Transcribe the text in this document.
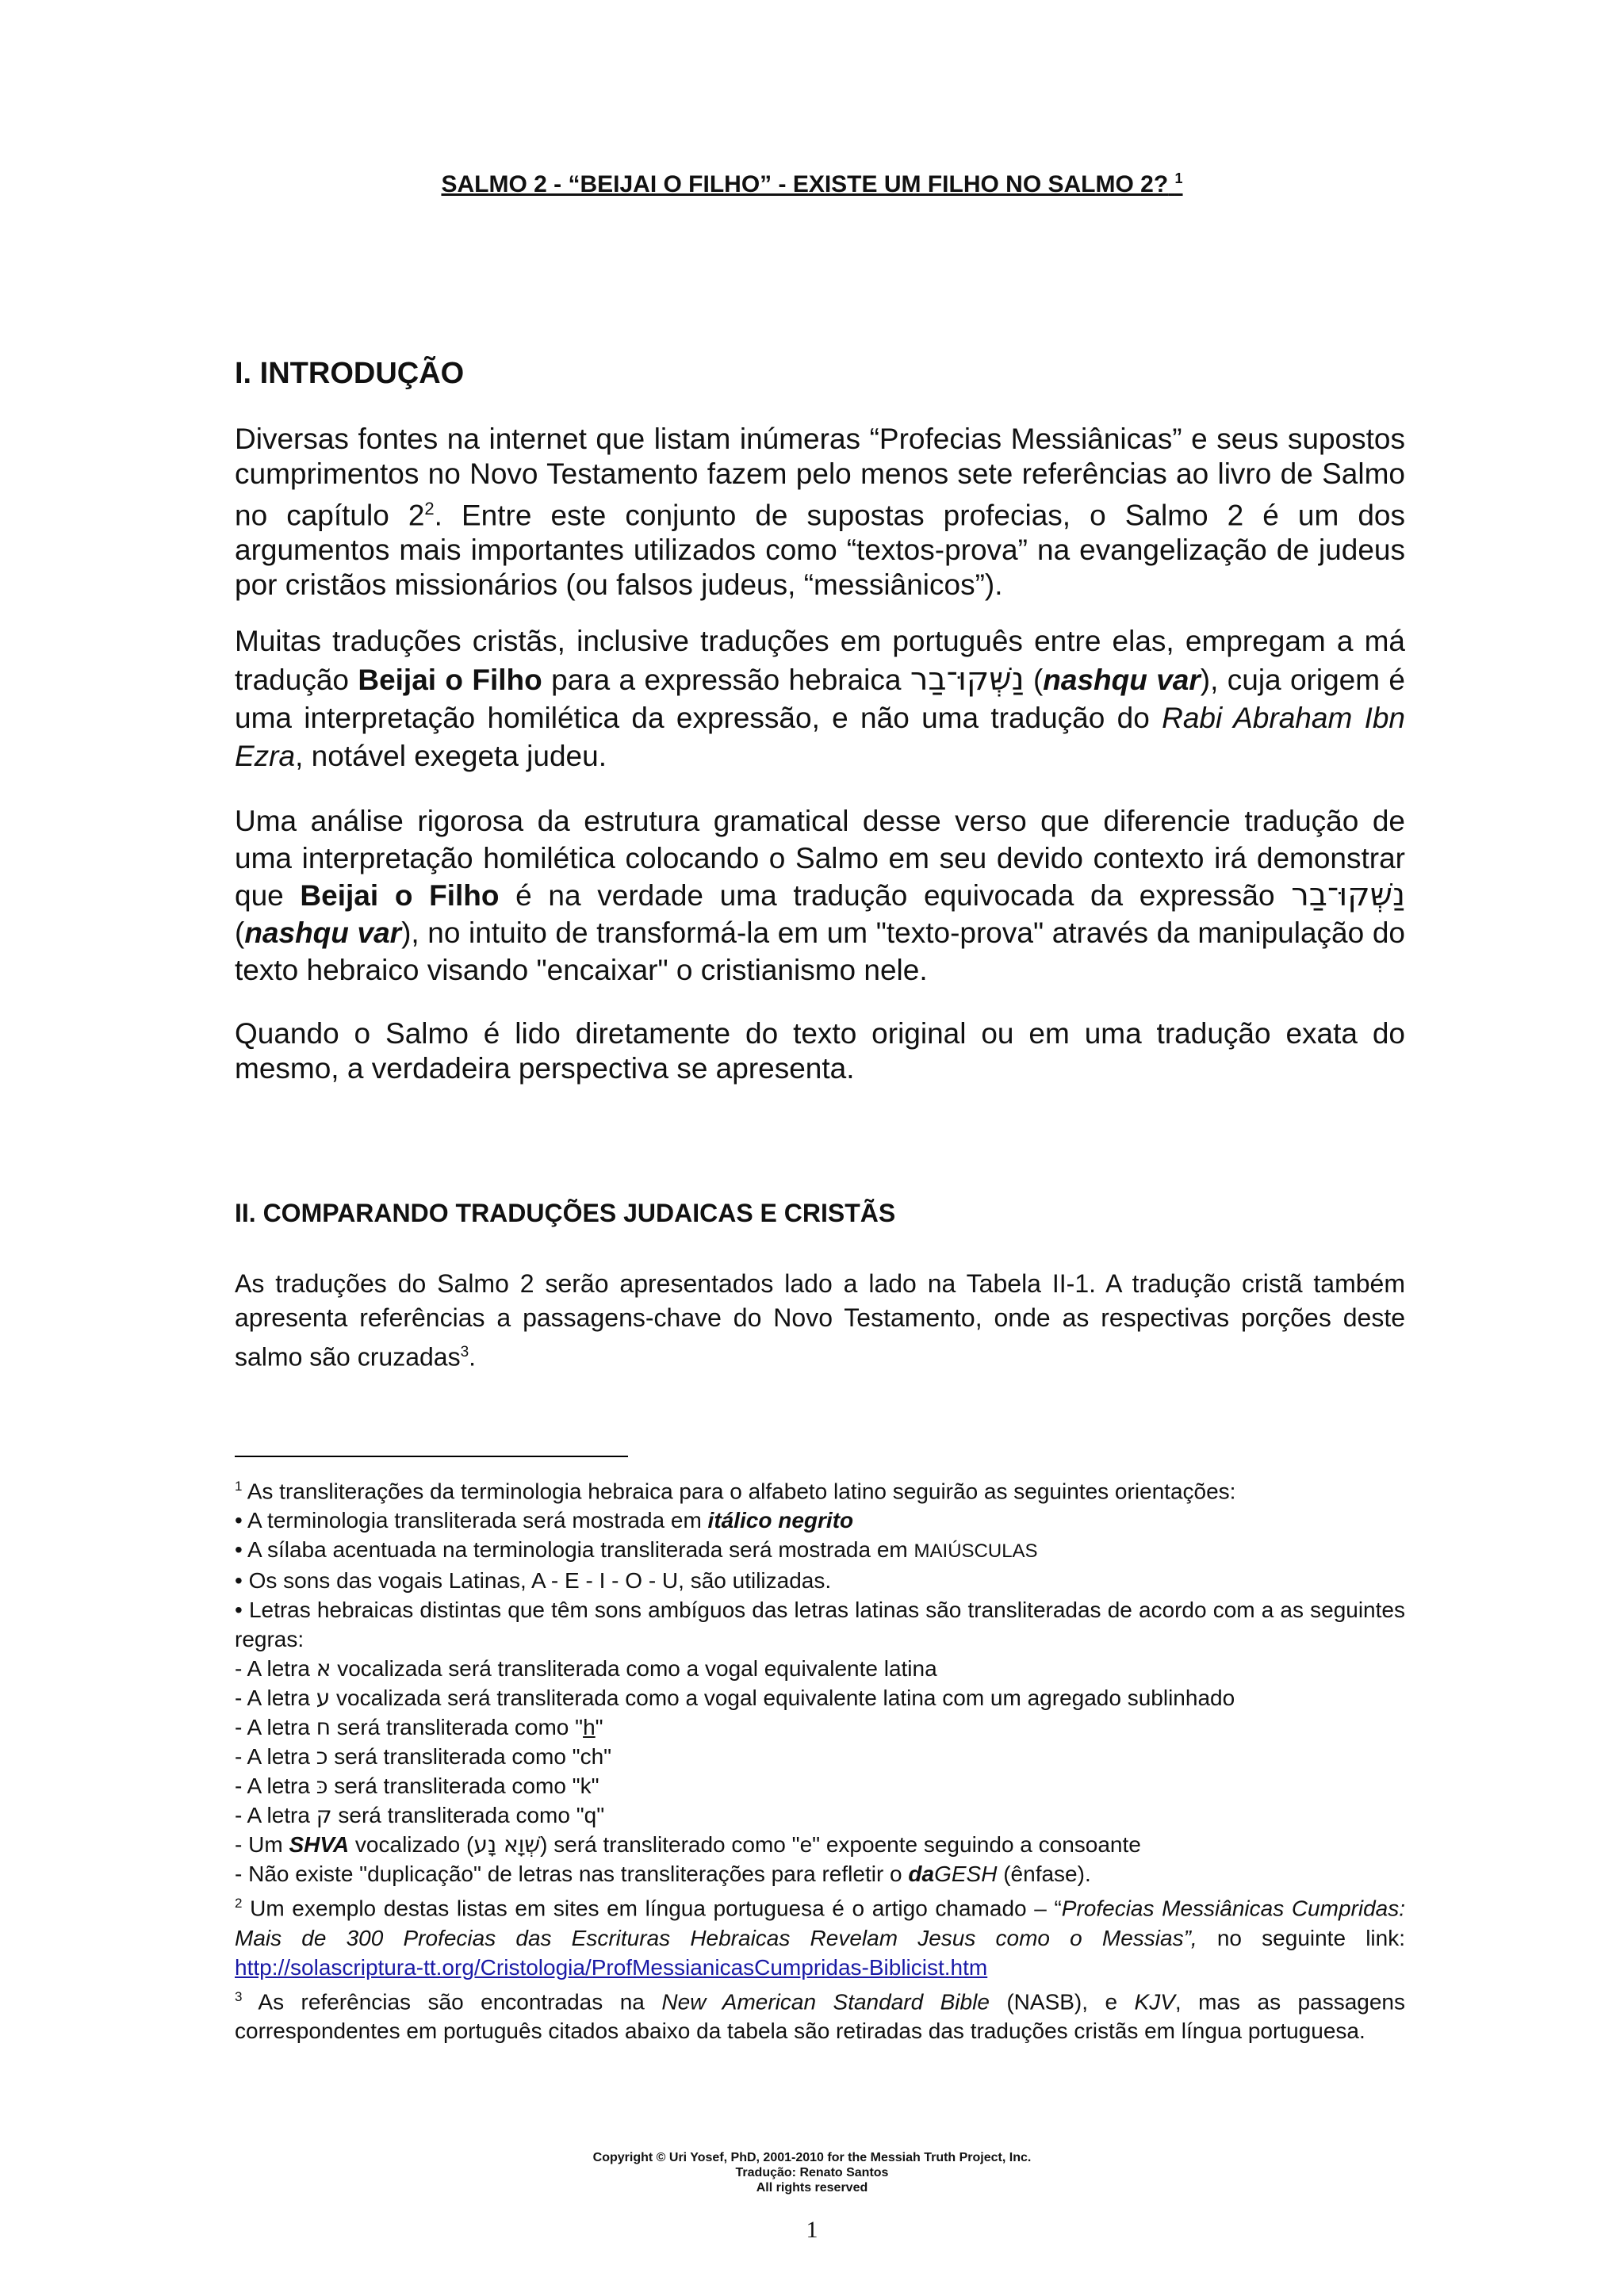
SALMO 2 - “BEIJAI O FILHO” - EXISTE UM FILHO NO SALMO 2? $^1$
I. INTRODUÇÃO

Diversas fontes na internet que listam inúmeras “Profecias Messiânicas” e seus supostos cumprimentos no Novo Testamento fazem pelo menos sete referências ao livro de Salmo no capítulo $2^2$. Entre este conjunto de supostas profecias, o Salmo 2 é um dos argumentos mais importantes utilizados como “textos-prova” na evangelização de judeus por cristãos missionários (ou falsos judeus, “messiânicos”).

Muitas traduções cristãs, inclusive traduções em português entre elas, empregam a má tradução Beijai o Filho para a expressão hebraica נַשְּׁקוּ־בַר (nashqu var), cuja origem é uma interpretação homilética da expressão, e não uma tradução do Rabi Abraham Ibn Ezra, notável exegeta judeu.

Uma análise rigorosa da estrutura gramatical desse verso que diferencie tradução de uma interpretação homilética colocando o Salmo em seu devido contexto irá demonstrar que Beijai o Filho é na verdade uma tradução equivocada da expressão נַשְּׁקוּ־בַר (nashqu var), no intuito de transformá-la em um "texto-prova" através da manipulação do texto hebraico visando "encaixar" o cristianismo nele.

Quando o Salmo é lido diretamente do texto original ou em uma tradução exata do mesmo, a verdadeira perspectiva se apresenta.

II. COMPARANDO TRADUÇÕES JUDAICAS E CRISTÃS

As traduções do Salmo 2 serão apresentados lado a lado na Tabela II-1. A tradução cristã também apresenta referências a passagens-chave do Novo Testamento, onde as respectivas porções deste salmo são cruzadas$^3$.

$^1$ As transliterações da terminologia hebraica para o alfabeto latino seguirão as seguintes orientações:
• A terminologia transliterada será mostrada em itálico negrito
• A sílaba acentuada na terminologia transliterada será mostrada em MAIÚSCULAS
• Os sons das vogais Latinas, A - E - I - O - U, são utilizadas.
• Letras hebraicas distintas que têm sons ambíguos das letras latinas são transliteradas de acordo com a as seguintes regras:
- A letra א vocalizada será transliterada como a vogal equivalente latina
- A letra ע vocalizada será transliterada como a vogal equivalente latina com um agregado sublinhado
- A letra ח será transliterada como "h"
- A letra כ será transliterada como "ch"
- A letra כּ será transliterada como "k"
- A letra ק será transliterada como "q"
- Um SHVA vocalizado (שְׁוָא נָע) será transliterado como "e" expoente seguindo a consoante
- Não existe "duplicação" de letras nas transliterações para refletir o daGESH (ênfase).
$^2$ Um exemplo destas listas em sites em língua portuguesa é o artigo chamado – “Profecias Messiânicas Cumpridas: Mais de 300 Profecias das Escrituras Hebraicas Revelam Jesus como o Messias”, no seguinte link: http://solascriptura-tt.org/Cristologia/ProfMessianicasCumpridas-Biblicist.htm
$^3$ As referências são encontradas na New American Standard Bible (NASB), e KJV, mas as passagens correspondentes em português citados abaixo da tabela são retiradas das traduções cristãs em língua portuguesa.
Copyright © Uri Yosef, PhD, 2001-2010 for the Messiah Truth Project, Inc.
Tradução: Renato Santos
All rights reserved
1
